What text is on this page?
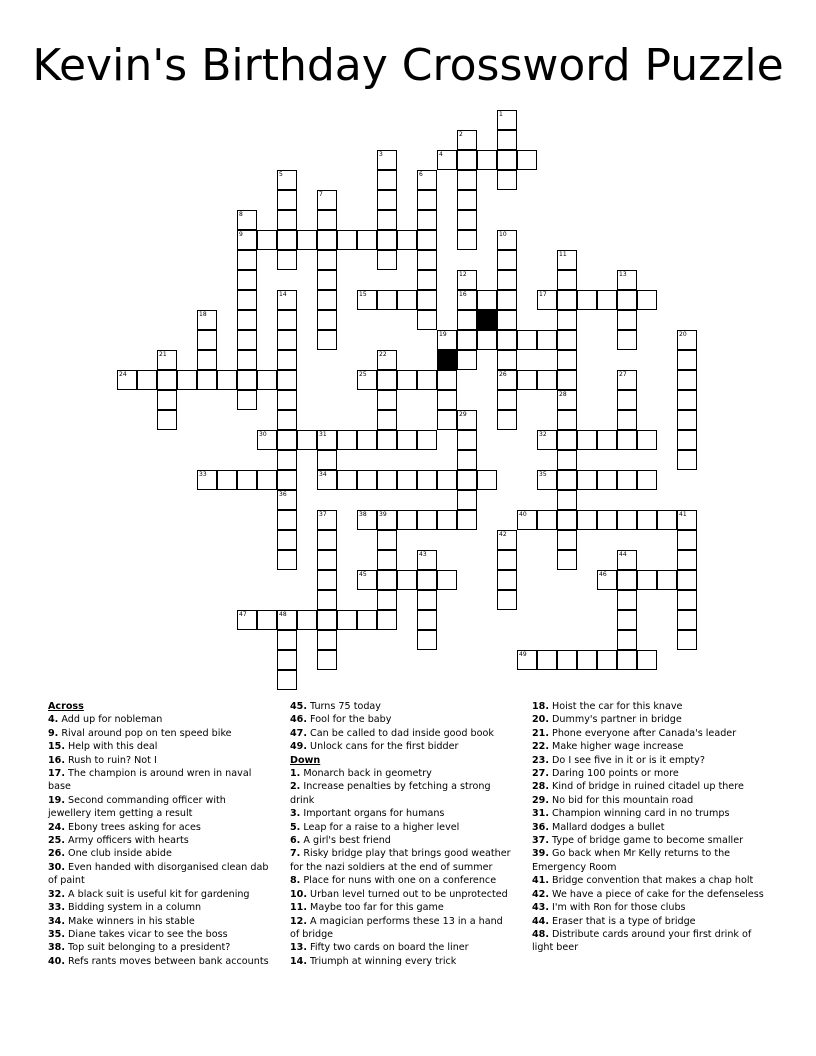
Kevin's Birthday Crossword Puzzle
4
9
15	16	17
19
24	25	26
30	31	32
33	34	35
38 39	40	41
45	46
47	48
49
1
2
3
5	6
7
8
10
11
12	13
14
18
20
21	22
27
28
29
36
37
42
43	44

Across

4. Add up for nobleman

9. Rival around pop on ten speed bike

15. Help with this deal

16. Rush to ruin? Not I

17. The champion is around wren in naval base

19. Second commanding officer with jewellery item getting a result

24. Ebony trees asking for aces

25. Army officers with hearts

26. One club inside abide

30. Even handed with disorganised clean dab of paint

32. A black suit is useful kit for gardening

33. Bidding system in a column

34. Make winners in his stable

35. Diane takes vicar to see the boss

38. Top suit belonging to a president?

40. Refs rants moves between bank accounts

45. Turns 75 today

46. Fool for the baby

47. Can be called to dad inside good book

49. Unlock cans for the first bidder

Down

1. Monarch back in geometry

2. Increase penalties by fetching a strong drink

3. Important organs for humans

5. Leap for a raise to a higher level

6. A girl's best friend

7. Risky bridge play that brings good weather for the nazi soldiers at the end of summer

8. Place for nuns with one on a conference

10. Urban level turned out to be unprotected

11. Maybe too far for this game

12. A magician performs these 13 in a hand of bridge

13. Fifty two cards on board the liner

14. Triumph at winning every trick

18. Hoist the car for this knave

20. Dummy's partner in bridge

21. Phone everyone after Canada's leader

22. Make higher wage increase

23. Do I see five in it or is it empty?

27. Daring 100 points or more

28. Kind of bridge in ruined citadel up there

29. No bid for this mountain road

31. Champion winning card in no trumps

36. Mallard dodges a bullet

37. Type of bridge game to become smaller

39. Go back when Mr Kelly returns to the Emergency Room

41. Bridge convention that makes a chap holt

42. We have a piece of cake for the defenseless

43. I'm with Ron for those clubs

44. Eraser that is a type of bridge

48. Distribute cards around your first drink of light beer
